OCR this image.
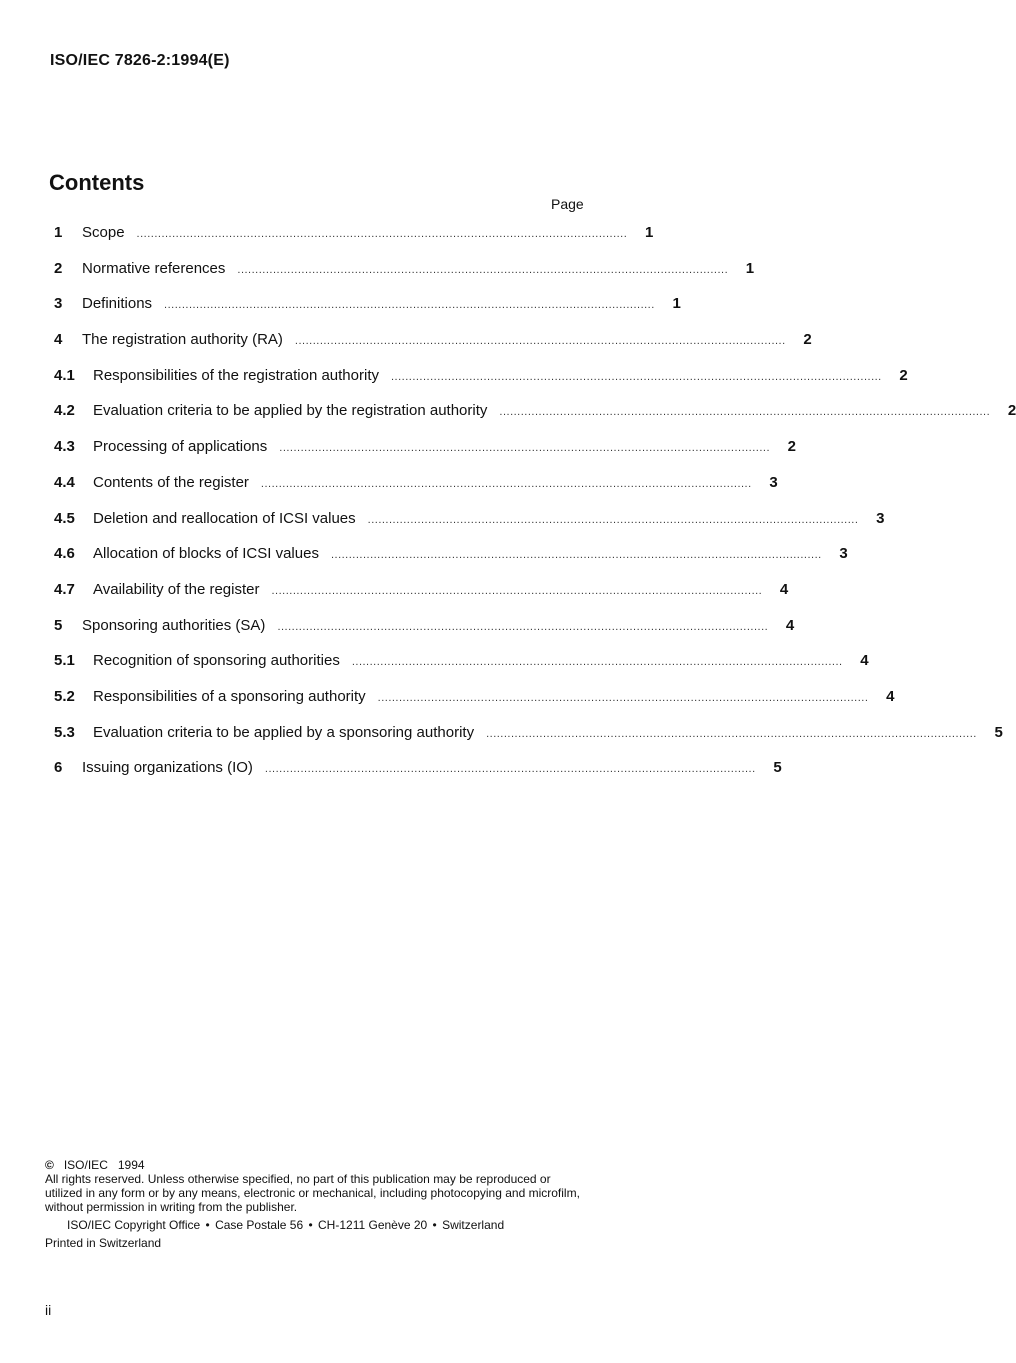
ISO/IEC 7826-2:1994(E)
Contents
Page
1	Scope ..........................................................................................................................................	1
2	Normative references ..........................................................................................................................................	1
3	Definitions ..........................................................................................................................................	1
4	The registration authority (RA) ..........................................................................................................................................	2
4.1	Responsibilities of the registration authority ..........................................................................................................................................	2
4.2	Evaluation criteria to be applied by the registration authority ..........................................................................................................................................	2
4.3	Processing of applications ..........................................................................................................................................	2
4.4	Contents of the register ..........................................................................................................................................	3
4.5	Deletion and reallocation of ICSI values ..........................................................................................................................................	3
4.6	Allocation of blocks of ICSI values ..........................................................................................................................................	3
4.7	Availability of the register ..........................................................................................................................................	4
5	Sponsoring authorities (SA) ..........................................................................................................................................	4
5.1	Recognition of sponsoring authorities ..........................................................................................................................................	4
5.2	Responsibilities of a sponsoring authority ..........................................................................................................................................	4
5.3	Evaluation criteria to be applied by a sponsoring authority ..........................................................................................................................................	5
6	Issuing organizations (IO) ..........................................................................................................................................	5
© ISO/IEC 1994
All rights reserved. Unless otherwise specified, no part of this publication may be reproduced or utilized in any form or by any means, electronic or mechanical, including photocopying and microfilm, without permission in writing from the publisher.
ISO/IEC Copyright Office • Case Postale 56 • CH-1211 Genève 20 • Switzerland
Printed in Switzerland
ii
